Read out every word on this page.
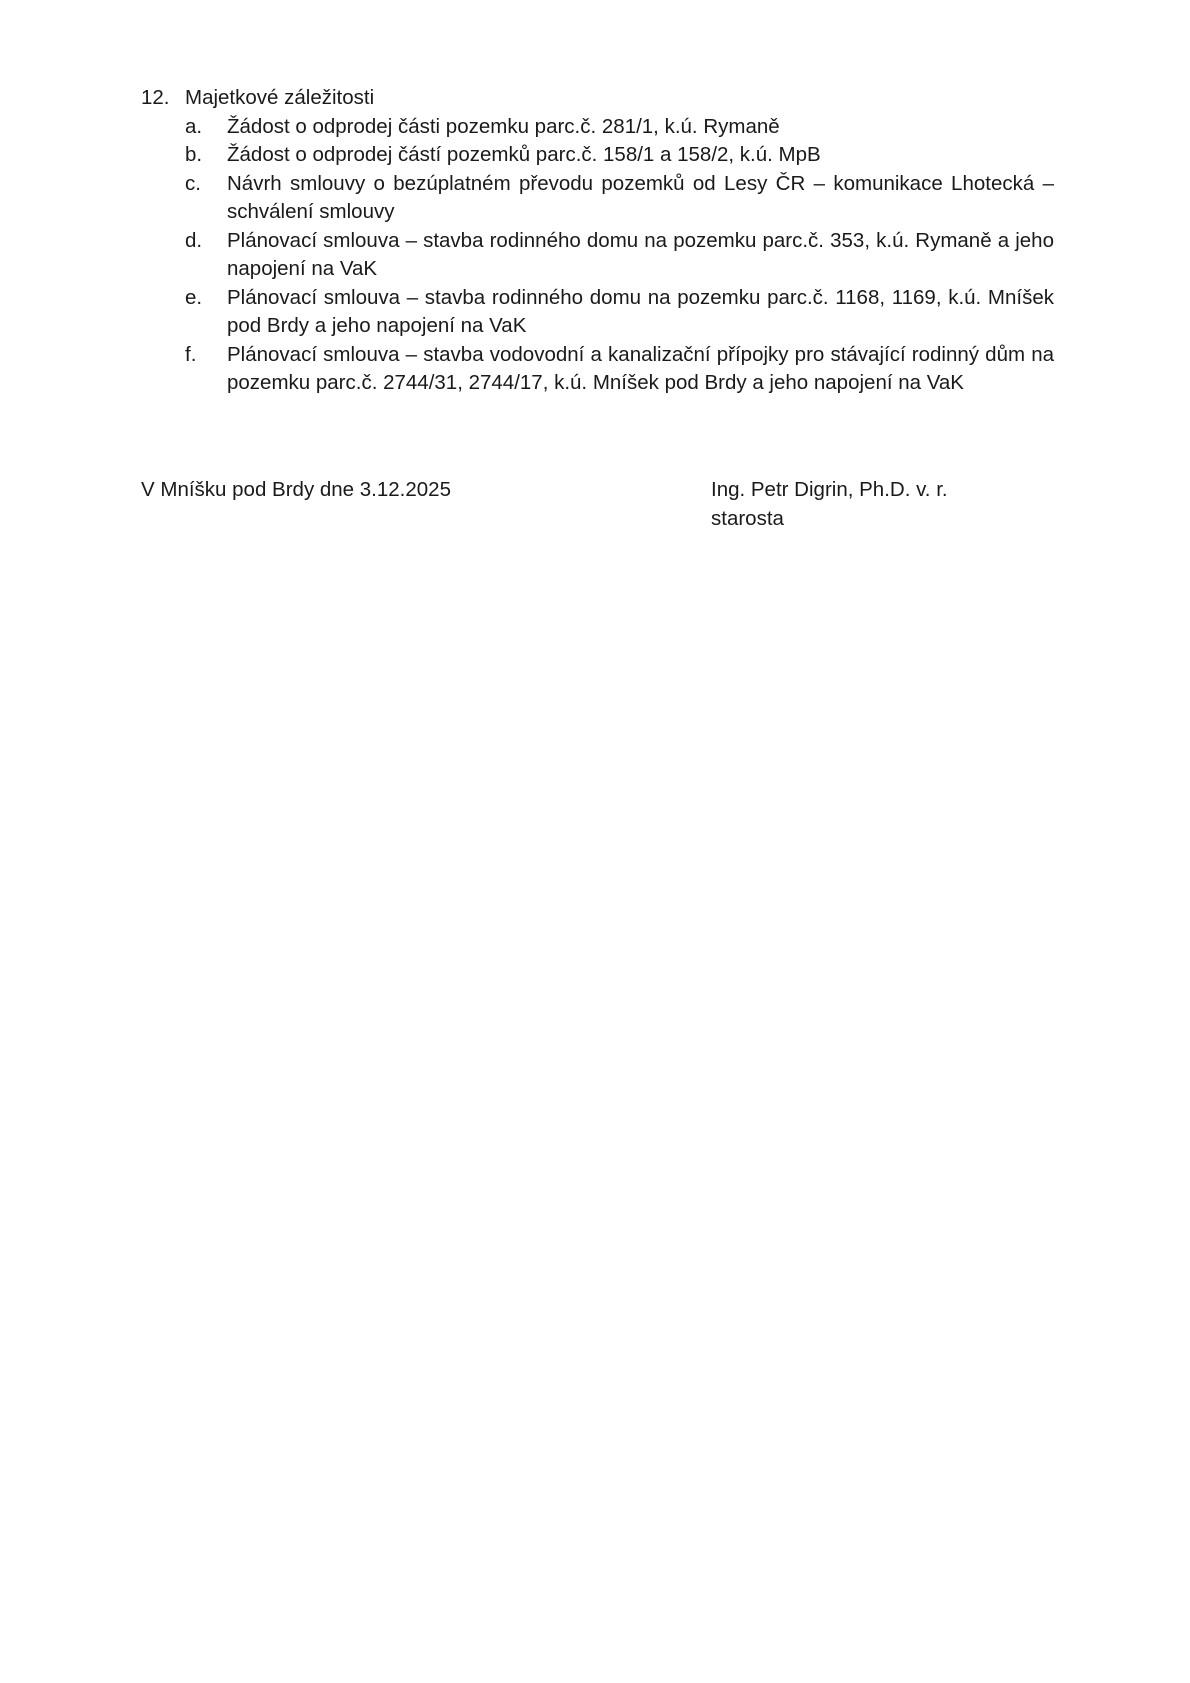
12. Majetkové záležitosti
a.	Žádost o odprodej části pozemku parc.č. 281/1, k.ú. Rymaně
b.	Žádost o odprodej částí pozemků parc.č. 158/1 a 158/2, k.ú. MpB
c.	Návrh smlouvy o bezúplatném převodu pozemků od Lesy ČR – komunikace Lhotecká – schválení smlouvy
d.	Plánovací smlouva – stavba rodinného domu na pozemku parc.č. 353, k.ú. Rymaně a jeho napojení na VaK
e.	Plánovací smlouva – stavba rodinného domu na pozemku parc.č. 1168, 1169, k.ú. Mníšek pod Brdy a jeho napojení na VaK
f.	Plánovací smlouva – stavba vodovodní a kanalizační přípojky pro stávající rodinný dům na pozemku parc.č. 2744/31, 2744/17, k.ú. Mníšek pod Brdy a jeho napojení na VaK
V Mníšku pod Brdy dne 3.12.2025	Ing. Petr Digrin, Ph.D. v. r.
starosta
